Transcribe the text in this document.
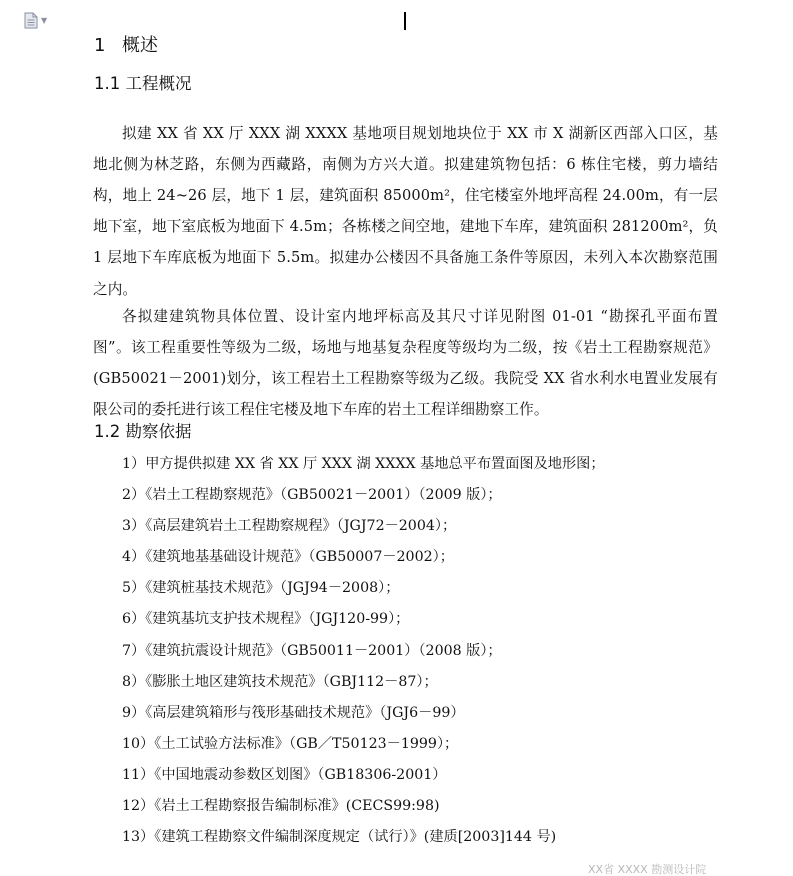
▼
1 概述
1.1 工程概况

拟建 XX 省 XX 厅 XXX 湖 XXXX 基地项目规划地块位于 XX 市 X 湖新区西部入口区，基地北侧为林芝路，东侧为西藏路，南侧为方兴大道。拟建建筑物包括：6 栋住宅楼，剪力墙结构，地上 24~26 层，地下 1 层，建筑面积 85000m²，住宅楼室外地坪高程 24.00m，有一层地下室，地下室底板为地面下 4.5m；各栋楼之间空地，建地下车库，建筑面积 281200m²，负 1 层地下车库底板为地面下 5.5m。拟建办公楼因不具备施工条件等原因，未列入本次勘察范围之内。

各拟建建筑物具体位置、设计室内地坪标高及其尺寸详见附图 01-01 “勘探孔平面布置图”。该工程重要性等级为二级，场地与地基复杂程度等级均为二级，按《岩土工程勘察规范》(GB50021－2001)划分，该工程岩土工程勘察等级为乙级。我院受 XX 省水利水电置业发展有限公司的委托进行该工程住宅楼及地下车库的岩土工程详细勘察工作。

1.2 勘察依据
1）甲方提供拟建 XX 省 XX 厅 XXX 湖 XXXX 基地总平布置面图及地形图；
2）《岩土工程勘察规范》（GB50021－2001）（2009 版）；
3）《高层建筑岩土工程勘察规程》（JGJ72－2004）；
4）《建筑地基基础设计规范》（GB50007－2002）；
5）《建筑桩基技术规范》（JGJ94－2008）；
6）《建筑基坑支护技术规程》（JGJ120-99）；
7）《建筑抗震设计规范》（GB50011－2001）（2008 版）；
8）《膨胀土地区建筑技术规范》（GBJ112－87）；
9）《高层建筑箱形与筏形基础技术规范》（JGJ6－99）
10）《土工试验方法标准》（GB／T50123－1999）；
11）《中国地震动参数区划图》（GB18306-2001）
12）《岩土工程勘察报告编制标准》(CECS99:98)
13）《建筑工程勘察文件编制深度规定（试行）》(建质[2003]144 号)
XX省 XXXX 勘测设计院
